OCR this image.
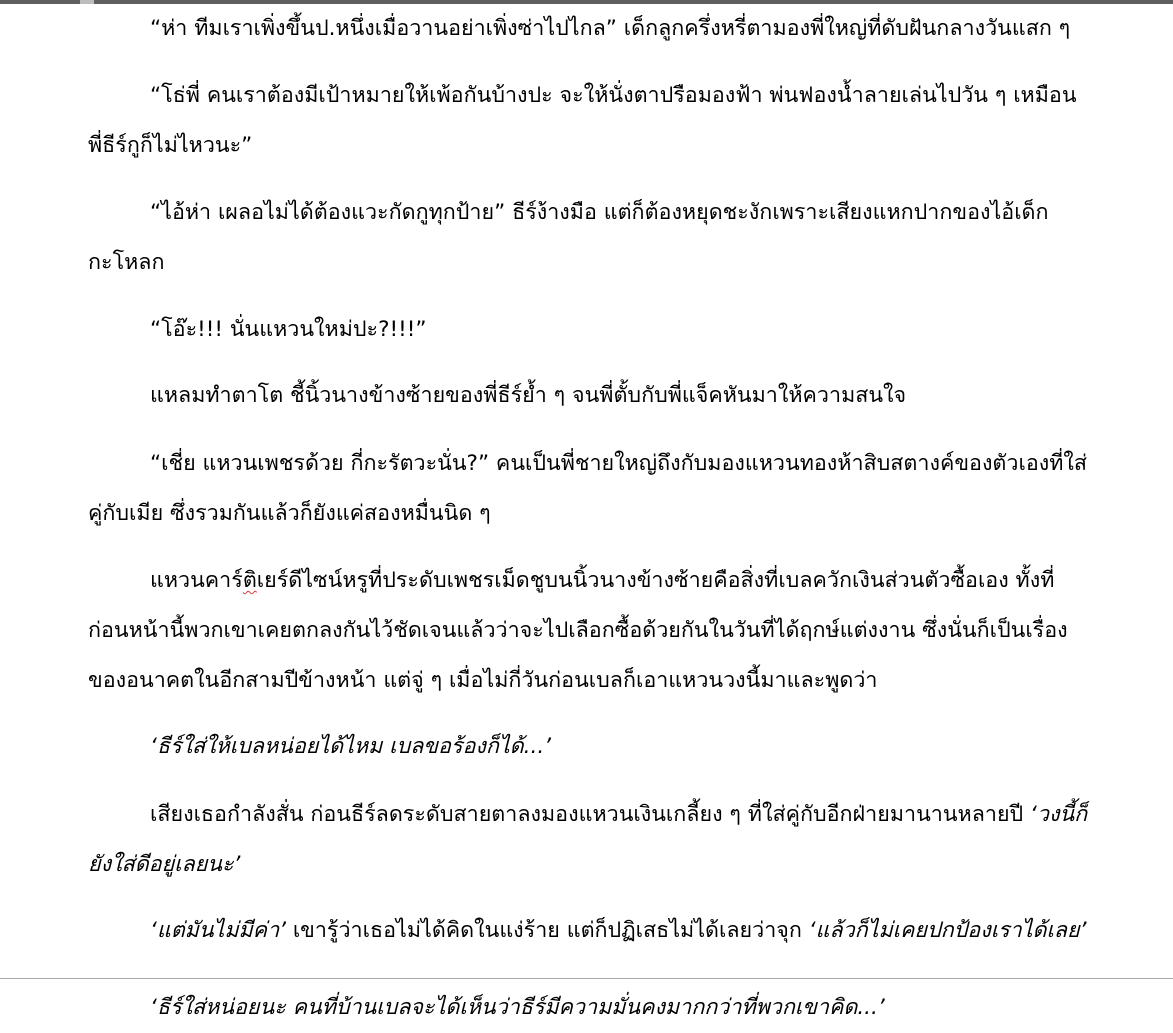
“ห่า ทีมเราเพิ่งขึ้นป.หนึ่งเมื่อวานอย่าเพิ่งซ่าไปไกล” เด็กลูกครึ่งหรี่ตามองพี่ใหญ่ที่ดับฝันกลางวันแสก ๆ

“โธ่พี่ คนเราต้องมีเป้าหมายให้เพ้อกันบ้างปะ จะให้นั่งตาปรือมองฟ้า พ่นฟองน้ำลายเล่นไปวัน ๆ เหมือนพี่ธีร์กูก็ไม่ไหวนะ”

“ไอ้ห่า เผลอไม่ได้ต้องแวะกัดกูทุกป้าย” ธีร์ง้างมือ แต่ก็ต้องหยุดชะงักเพราะเสียงแหกปากของไอ้เด็กกะโหลก

“โอ๊ะ!!! นั่นแหวนใหม่ปะ?!!!”

แหลมทำตาโต ชี้นิ้วนางข้างซ้ายของพี่ธีร์ย้ำ ๆ จนพี่ตั้บกับพี่แจ็คหันมาให้ความสนใจ

“เชี่ย แหวนเพชรด้วย กี่กะรัตวะนั่น?” คนเป็นพี่ชายใหญ่ถึงกับมองแหวนทองห้าสิบสตางค์ของตัวเองที่ใส่คู่กับเมีย ซึ่งรวมกันแล้วก็ยังแค่สองหมื่นนิด ๆ

แหวนคาร์ติเยร์ดีไซน์หรูที่ประดับเพชรเม็ดชูบนนิ้วนางข้างซ้ายคือสิ่งที่เบลควักเงินส่วนตัวซื้อเอง ทั้งที่ก่อนหน้านี้พวกเขาเคยตกลงกันไว้ชัดเจนแล้วว่าจะไปเลือกซื้อด้วยกันในวันที่ได้ฤกษ์แต่งงาน ซึ่งนั่นก็เป็นเรื่องของอนาคตในอีกสามปีข้างหน้า แต่จู่ ๆ เมื่อไม่กี่วันก่อนเบลก็เอาแหวนวงนี้มาและพูดว่า

‘ธีร์ใส่ให้เบลหน่อยได้ไหม เบลขอร้องก็ได้...’

เสียงเธอกำลังสั่น ก่อนธีร์ลดระดับสายตาลงมองแหวนเงินเกลี้ยง ๆ ที่ใส่คู่กับอีกฝ่ายมานานหลายปี ‘วงนี้ก็ยังใส่ดีอยู่เลยนะ’

‘แต่มันไม่มีค่า’ เขารู้ว่าเธอไม่ได้คิดในแง่ร้าย แต่ก็ปฏิเสธไม่ได้เลยว่าจุก ‘แล้วก็ไม่เคยปกป้องเราได้เลย’

‘ธีร์ใส่หน่อยนะ คนที่บ้านเบลจะได้เห็นว่าธีร์มีความมั่นคงมากกว่าที่พวกเขาคิด...’
